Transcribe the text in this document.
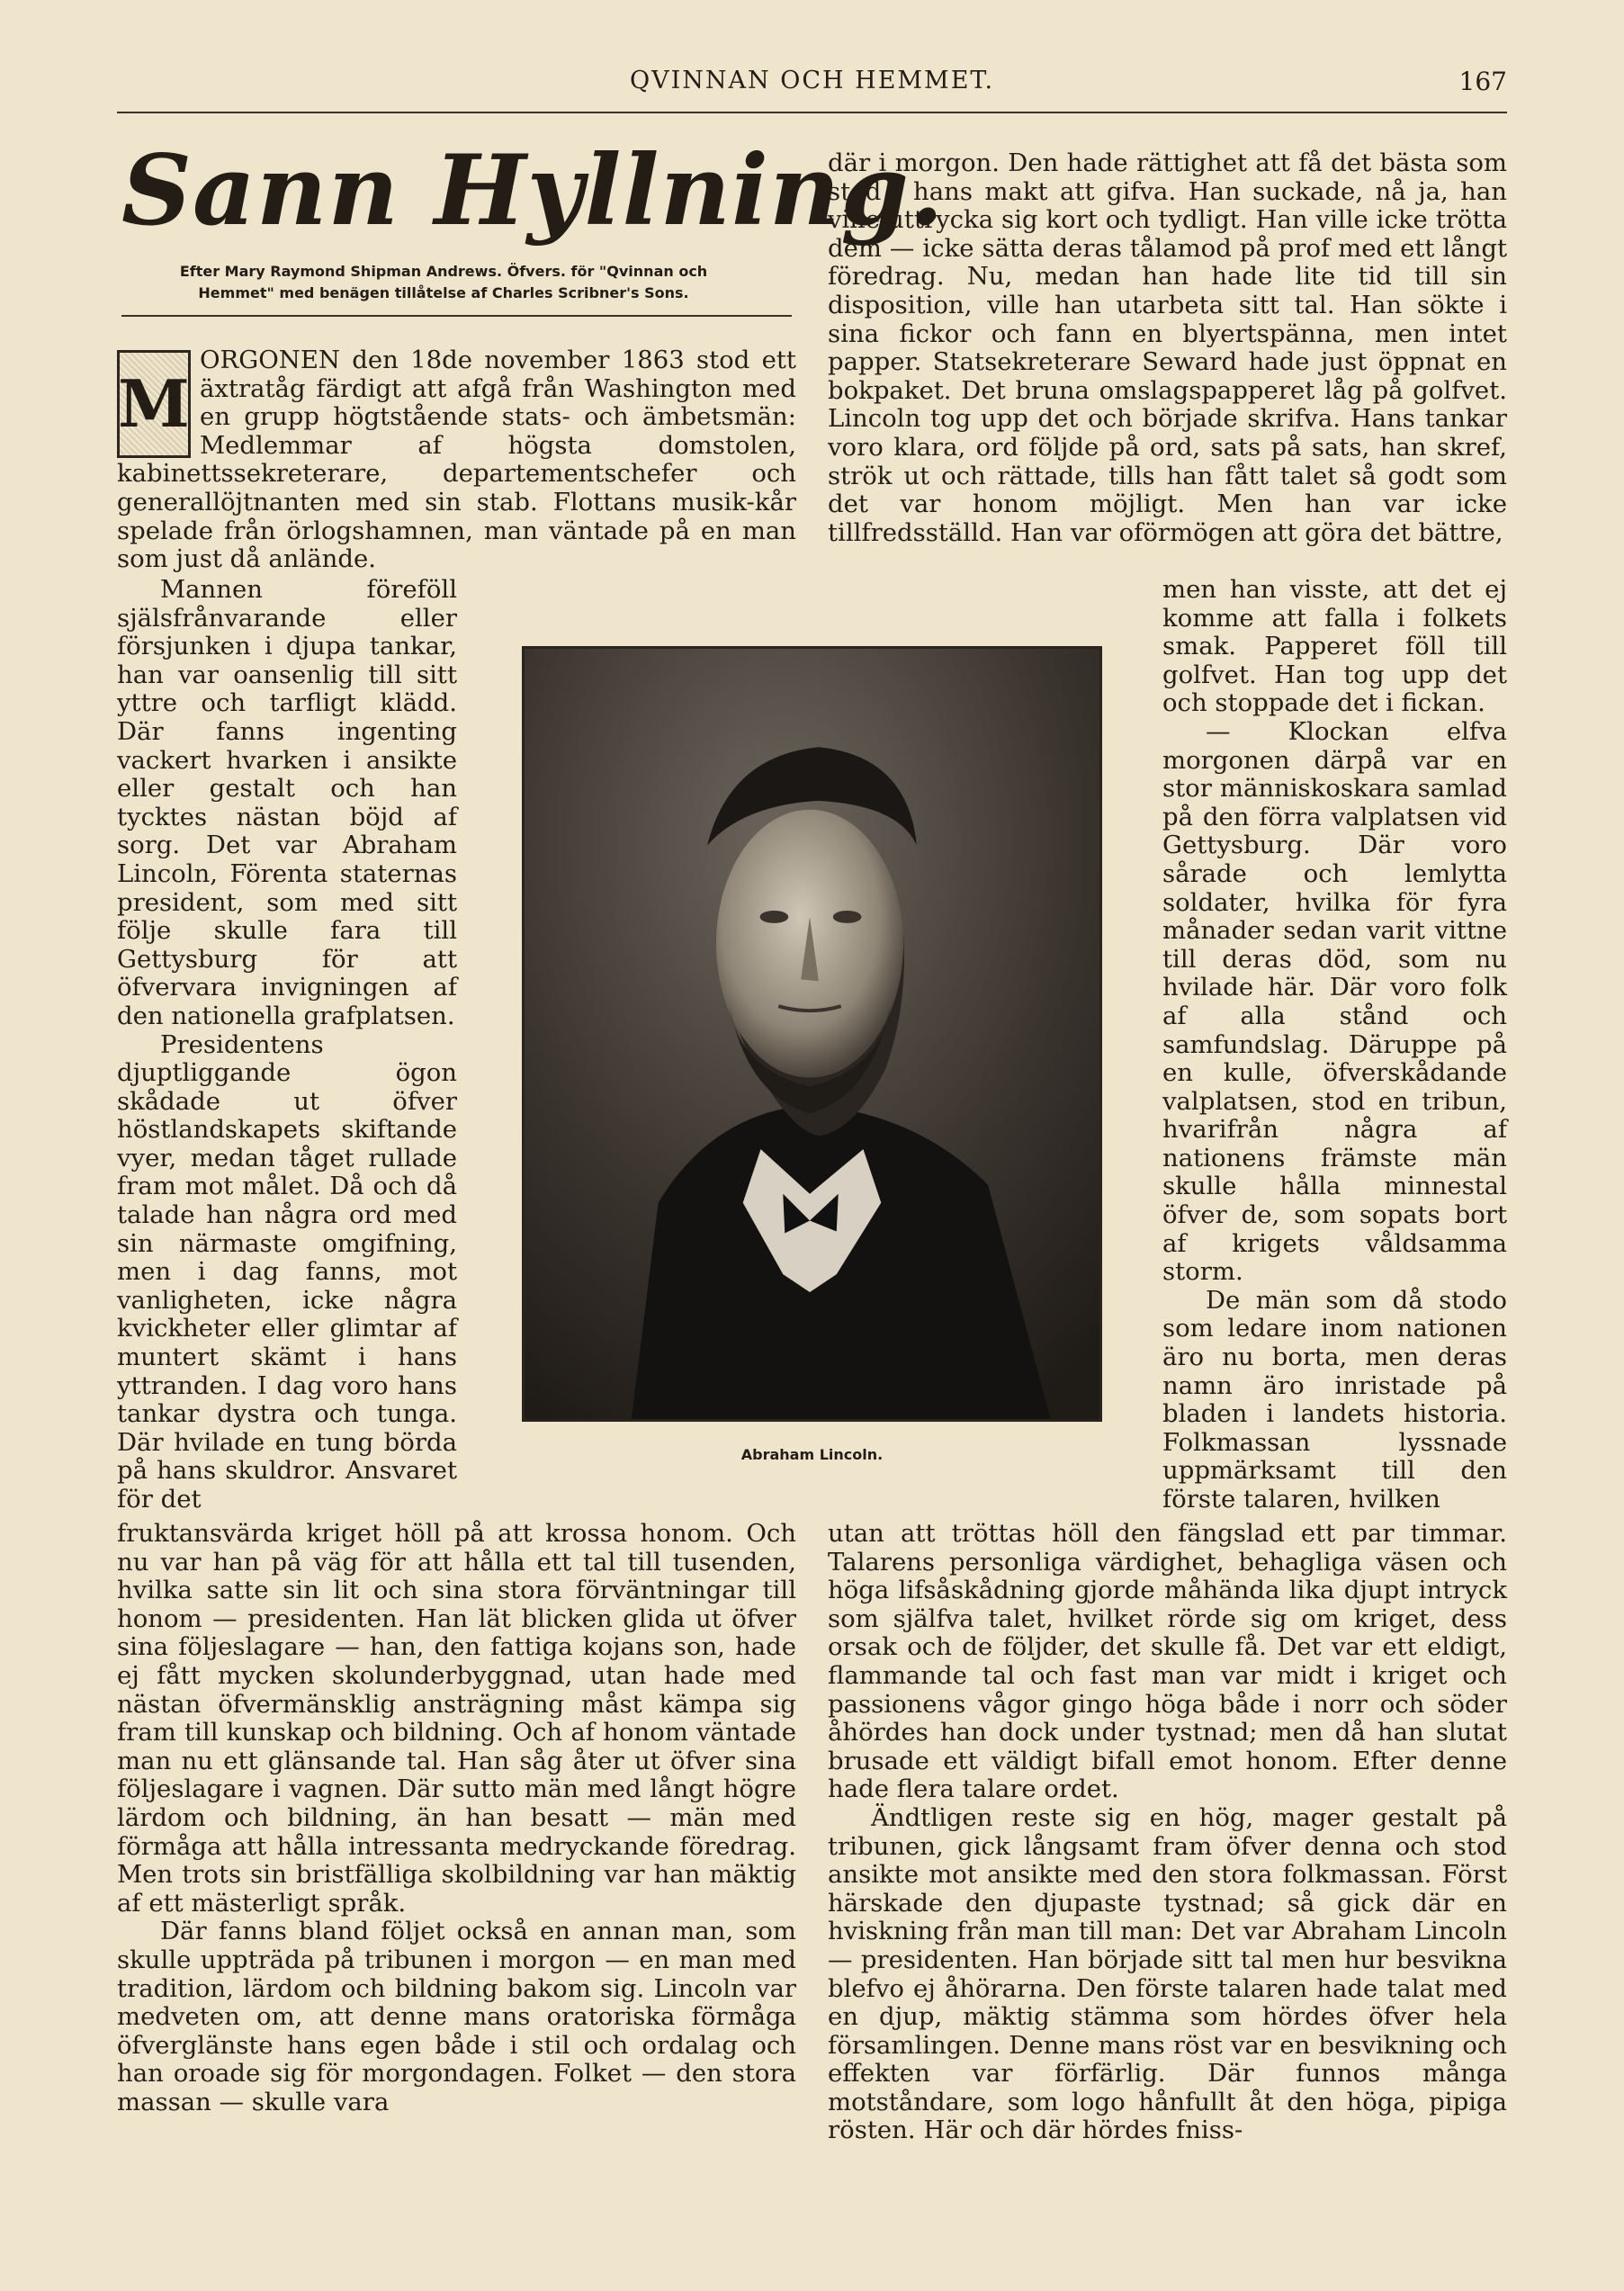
QVINNAN OCH HEMMET.	167
Sann Hyllning.
Efter Mary Raymond Shipman Andrews. Öfvers. för "Qvinnan och Hemmet" med benägen tillåtelse af Charles Scribner's Sons.
M

ORGONEN den 18de november 1863 stod ett äxtratåg färdigt att afgå från Washington med en grupp högtstående stats- och ämbetsmän: Medlemmar af högsta domstolen, kabinettssekreterare, departementschefer och generallöjtnanten med sin stab. Flottans musik-kår spelade från örlogshamnen, man väntade på en man som just då anlände.

Mannen föreföll själsfrånvarande eller försjunken i djupa tankar, han var oansenlig till sitt yttre och tarfligt klädd. Där fanns ingenting vackert hvarken i ansikte eller gestalt och han tycktes nästan böjd af sorg. Det var Abraham Lincoln, Förenta staternas president, som med sitt följe skulle fara till Gettysburg för att öfvervara invigningen af den nationella grafplatsen.

Presidentens djuptliggande ögon skådade ut öfver höstlandskapets skiftande vyer, medan tåget rullade fram mot målet. Då och då talade han några ord med sin närmaste omgifning, men i dag fanns, mot vanligheten, icke några kvickheter eller glimtar af muntert skämt i hans yttranden. I dag voro hans tankar dystra och tunga. Där hvilade en tung börda på hans skuldror. Ansvaret för det

Abraham Lincoln.

fruktansvärda kriget höll på att krossa honom. Och nu var han på väg för att hålla ett tal till tusenden, hvilka satte sin lit och sina stora förväntningar till honom — presidenten. Han lät blicken glida ut öfver sina följeslagare — han, den fattiga kojans son, hade ej fått mycken skolunderbyggnad, utan hade med nästan öfvermänsklig ansträgning måst kämpa sig fram till kunskap och bildning. Och af honom väntade man nu ett glänsande tal. Han såg åter ut öfver sina följeslagare i vagnen. Där sutto män med långt högre lärdom och bildning, än han besatt — män med förmåga att hålla intressanta medryckande föredrag. Men trots sin bristfälliga skolbildning var han mäktig af ett mästerligt språk.

Där fanns bland följet också en annan man, som skulle uppträda på tribunen i morgon — en man med tradition, lärdom och bildning bakom sig. Lincoln var medveten om, att denne mans oratoriska förmåga öfverglänste hans egen både i stil och ordalag och han oroade sig för morgondagen. Folket — den stora massan — skulle vara

där i morgon. Den hade rättighet att få det bästa som stod i hans makt att gifva. Han suckade, nå ja, han ville uttrycka sig kort och tydligt. Han ville icke trötta dem — icke sätta deras tålamod på prof med ett långt föredrag. Nu, medan han hade lite tid till sin disposition, ville han utarbeta sitt tal. Han sökte i sina fickor och fann en blyertspänna, men intet papper. Statsekreterare Seward hade just öppnat en bokpaket. Det bruna omslagspapperet låg på golfvet. Lincoln tog upp det och började skrifva. Hans tankar voro klara, ord följde på ord, sats på sats, han skref, strök ut och rättade, tills han fått talet så godt som det var honom möjligt. Men han var icke tillfredsställd. Han var oförmögen att göra det bättre,

men han visste, att det ej komme att falla i folkets smak. Papperet föll till golfvet. Han tog upp det och stoppade det i fickan.

— Klockan elfva morgonen därpå var en stor människoskara samlad på den förra valplatsen vid Gettysburg. Där voro sårade och lemlytta soldater, hvilka för fyra månader sedan varit vittne till deras död, som nu hvilade här. Där voro folk af alla stånd och samfundslag. Däruppe på en kulle, öfverskådande valplatsen, stod en tribun, hvarifrån några af nationens främste män skulle hålla minnestal öfver de, som sopats bort af krigets våldsamma storm.

De män som då stodo som ledare inom nationen äro nu borta, men deras namn äro inristade på bladen i landets historia. Folkmassan lyssnade uppmärksamt till den förste talaren, hvilken

utan att tröttas höll den fängslad ett par timmar. Talarens personliga värdighet, behagliga väsen och höga lifsåskådning gjorde måhända lika djupt intryck som själfva talet, hvilket rörde sig om kriget, dess orsak och de följder, det skulle få. Det var ett eldigt, flammande tal och fast man var midt i kriget och passionens vågor gingo höga både i norr och söder åhördes han dock under tystnad; men då han slutat brusade ett väldigt bifall emot honom. Efter denne hade flera talare ordet.

Ändtligen reste sig en hög, mager gestalt på tribunen, gick långsamt fram öfver denna och stod ansikte mot ansikte med den stora folkmassan. Först härskade den djupaste tystnad; så gick där en hviskning från man till man: Det var Abraham Lincoln — presidenten. Han började sitt tal men hur besvikna blefvo ej åhörarna. Den förste talaren hade talat med en djup, mäktig stämma som hördes öfver hela församlingen. Denne mans röst var en besvikning och effekten var förfärlig. Där funnos många motståndare, som logo hånfullt åt den höga, pipiga rösten. Här och där hördes fniss-
